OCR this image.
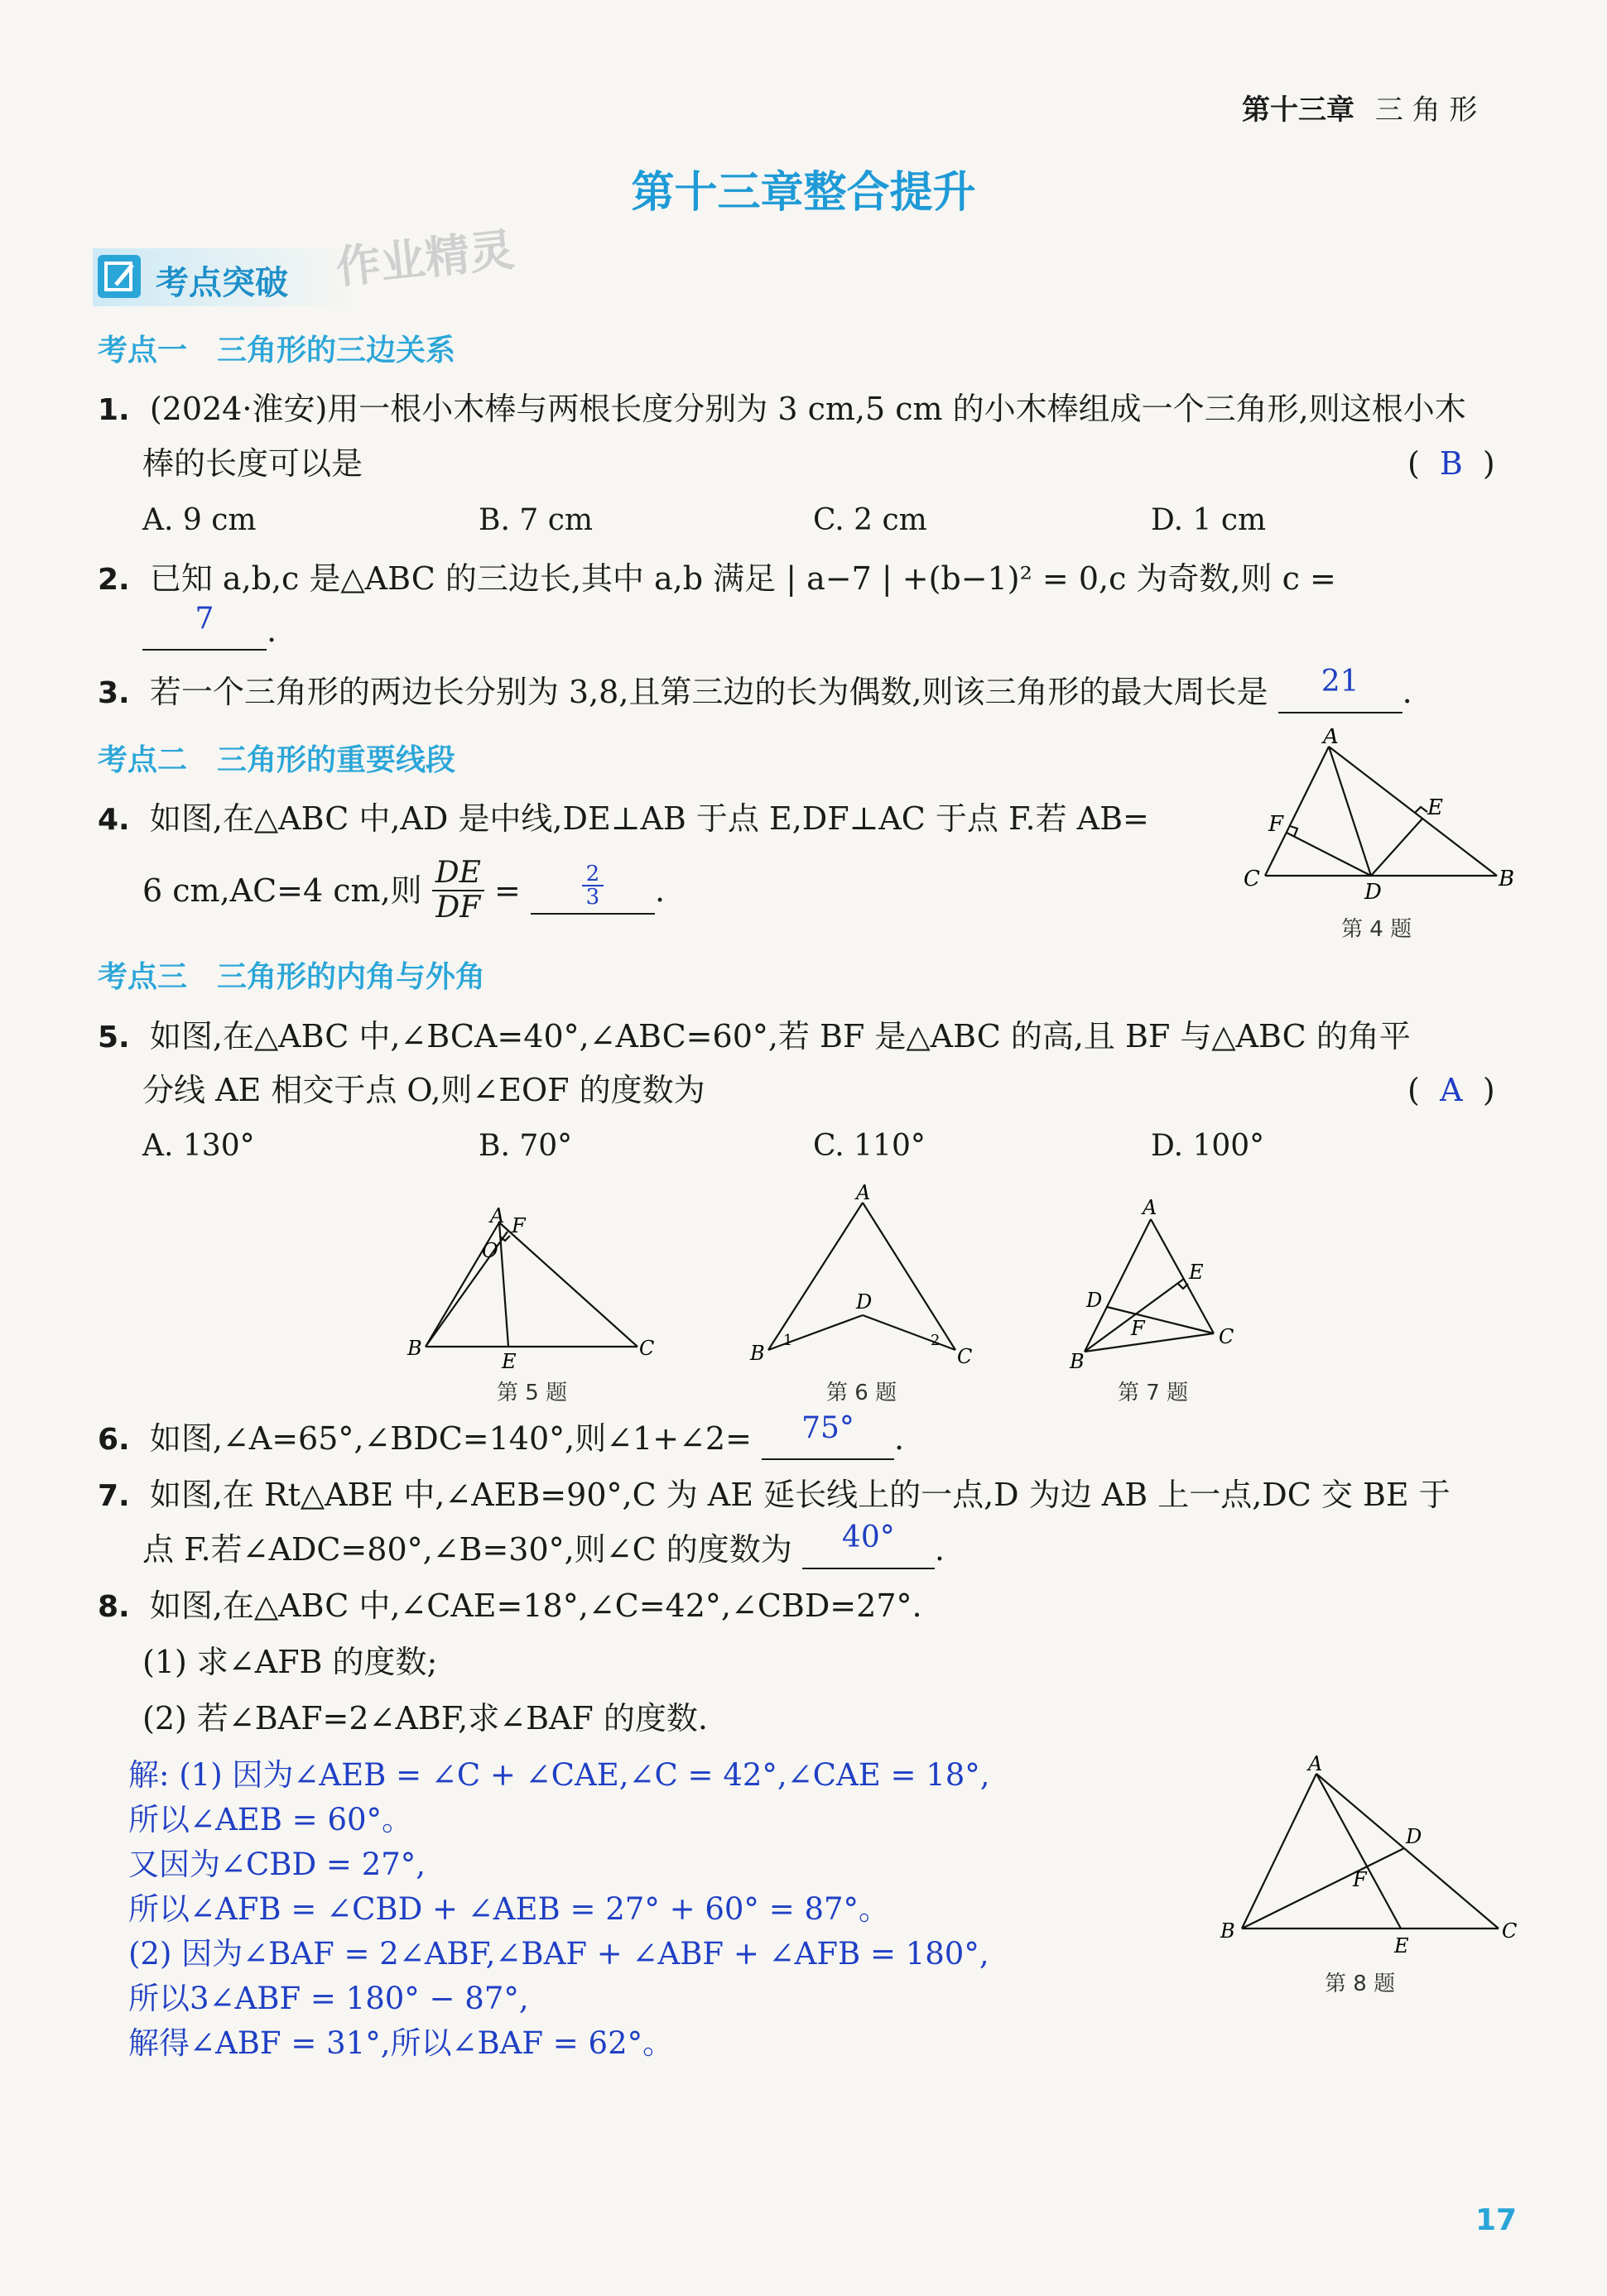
第十三章 三 角 形
第十三章整合提升
考点突破 作业精灵
考点一　三角形的三边关系
1. (2024·淮安)用一根小木棒与两根长度分别为 3 cm,5 cm 的小木棒组成一个三角形,则这根小木
棒的长度可以是	( B )
A. 9 cm	B. 7 cm	C. 2 cm	D. 1 cm
2. 已知 a,b,c 是△ABC 的三边长,其中 a,b 满足 | a−7 | +(b−1)² = 0,c 为奇数,则 c =
7	.
3. 若一个三角形的两边长分别为 3,8,且第三边的长为偶数,则该三角形的最大周长是	21	.
考点二　三角形的重要线段
4. 如图,在△ABC 中,AD 是中线,DE⊥AB 于点 E,DF⊥AC 于点 F.若 AB=
6 cm,AC=4 cm,则 $\frac{DE}{DF} = \frac{2}{3}$ .
A
B
C
D
E
F
第 4 题
考点三　三角形的内角与外角
5. 如图,在△ABC 中,∠BCA=40°,∠ABC=60°,若 BF 是△ABC 的高,且 BF 与△ABC 的角平
分线 AE 相交于点 O,则∠EOF 的度数为	( A )
A. 130°	B. 70°	C. 110°	D. 100°
A F
O
B
E
C
第 5 题
A
D
B	C
1	2
第 6 题
A
E
D
F
B
C
第 7 题
6. 如图,∠A=65°,∠BDC=140°,则∠1+∠2=	75°	.
7. 如图,在 Rt△ABE 中,∠AEB=90°,C 为 AE 延长线上的一点,D 为边 AB 上一点,DC 交 BE 于
点 F.若∠ADC=80°,∠B=30°,则∠C 的度数为	40°	.
8. 如图,在△ABC 中,∠CAE=18°,∠C=42°,∠CBD=27°.
(1) 求∠AFB 的度数;
(2) 若∠BAF=2∠ABF,求∠BAF 的度数.
解: (1) 因为∠AEB = ∠C + ∠CAE,∠C = 42°,∠CAE = 18°,
所以∠AEB = 60°。
又因为∠CBD = 27°,
所以∠AFB = ∠CBD + ∠AEB = 27° + 60° = 87°。
(2) 因为∠BAF = 2∠ABF,∠BAF + ∠ABF + ∠AFB = 180°,
所以3∠ABF = 180° − 87°,
解得∠ABF = 31°,所以∠BAF = 62°。
A
D
F
B
E
C
第 8 题
17
